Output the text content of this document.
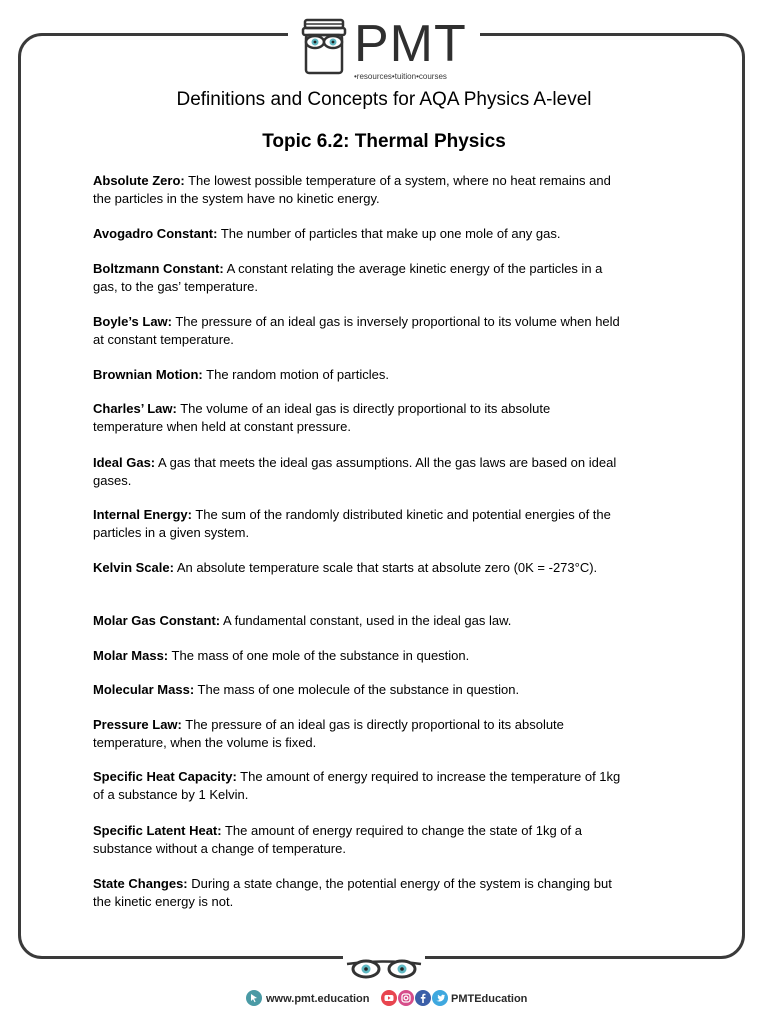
PMT
•resources•tuition•courses
Definitions and Concepts for AQA Physics A-level
Topic 6.2: Thermal Physics
Absolute Zero: The lowest possible temperature of a system, where no heat remains and the particles in the system have no kinetic energy.
Avogadro Constant: The number of particles that make up one mole of any gas.
Boltzmann Constant: A constant relating the average kinetic energy of the particles in a gas, to the gas’ temperature.
Boyle’s Law: The pressure of an ideal gas is inversely proportional to its volume when held at constant temperature.
Brownian Motion: The random motion of particles.
Charles’ Law: The volume of an ideal gas is directly proportional to its absolute temperature when held at constant pressure.
Ideal Gas: A gas that meets the ideal gas assumptions. All the gas laws are based on ideal gases.
Internal Energy: The sum of the randomly distributed kinetic and potential energies of the particles in a given system.
Kelvin Scale: An absolute temperature scale that starts at absolute zero (0K = -273°C).
Molar Gas Constant: A fundamental constant, used in the ideal gas law.
Molar Mass: The mass of one mole of the substance in question.
Molecular Mass: The mass of one molecule of the substance in question.
Pressure Law: The pressure of an ideal gas is directly proportional to its absolute temperature, when the volume is fixed.
Specific Heat Capacity: The amount of energy required to increase the temperature of 1kg of a substance by 1 Kelvin.
Specific Latent Heat: The amount of energy required to change the state of 1kg of a substance without a change of temperature.
State Changes: During a state change, the potential energy of the system is changing but the kinetic energy is not.
www.pmt.education	PMTEducation
